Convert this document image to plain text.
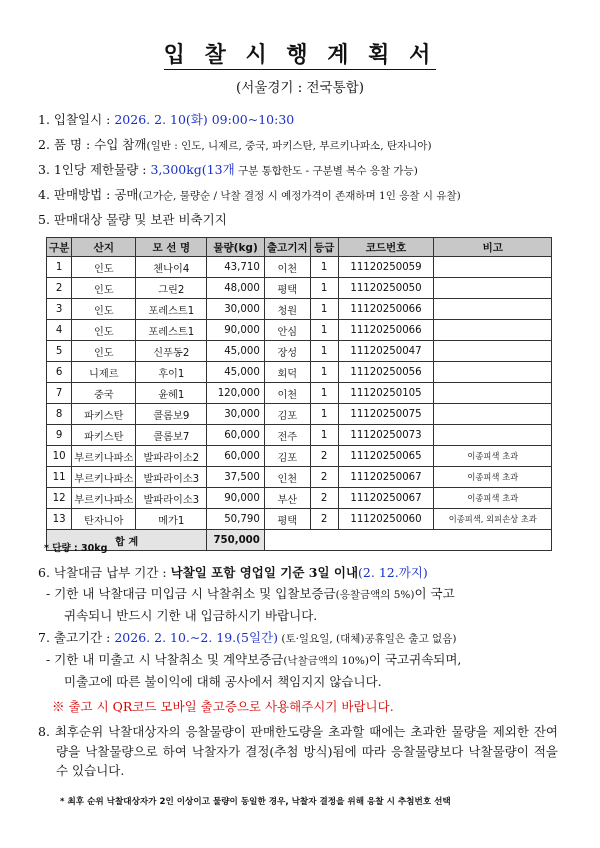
입 찰 시 행 계 획 서
(서울경기 : 전국통합)
1. 입찰일시 : 2026. 2. 10(화) 09:00~10:30
2. 품 명 : 수입 참깨(일반 : 인도, 니제르, 중국, 파키스탄, 부르키나파소, 탄자니아)
3. 1인당 제한물량 : 3,300kg(13개 구분 통합한도 - 구분별 복수 응찰 가능)
4. 판매방법 : 공매(고가순, 물량순 / 낙찰 결정 시 예정가격이 존재하며 1인 응찰 시 유찰)
5. 판매대상 물량 및 보관 비축기지
구분	산지	모 선 명	물량(kg)	출고기지	등급	코드번호	비고
1	인도	첸나이4	43,710	이천	1	11120250059	
2	인도	그린2	48,000	평택	1	11120250050	
3	인도	포레스트1	30,000	청원	1	11120250066	
4	인도	포레스트1	90,000	안심	1	11120250066	
5	인도	신푸동2	45,000	장성	1	11120250047	
6	니제르	후이1	45,000	회덕	1	11120250056	
7	중국	윤헤1	120,000	이천	1	11120250105	
8	파키스탄	콜롬보9	30,000	김포	1	11120250075	
9	파키스탄	콜롬보7	60,000	전주	1	11120250073	
10	부르키나파소	발파라이소2	60,000	김포	2	11120250065	이종피색 초과
11	부르키나파소	발파라이소3	37,500	인천	2	11120250067	이종피색 초과
12	부르키나파소	발파라이소3	90,000	부산	2	11120250067	이종피색 초과
13	탄자니아	메가1	50,790	평택	2	11120250060	이종피색, 외피손상 초과
합 계			750,000				
* 단량 : 30kg
6. 낙찰대금 납부 기간 : 낙찰일 포함 영업일 기준 3일 이내(2. 12.까지)
- 기한 내 낙찰대금 미입금 시 낙찰취소 및 입찰보증금(응찰금액의 5%)이 국고
귀속되니 반드시 기한 내 입금하시기 바랍니다.
7. 출고기간 : 2026. 2. 10.∼2. 19.(5일간) (토·일요일, (대체)공휴일은 출고 없음)
- 기한 내 미출고 시 낙찰취소 및 계약보증금(낙찰금액의 10%)이 국고귀속되며,
미출고에 따른 불이익에 대해 공사에서 책임지지 않습니다.
※ 출고 시 QR코드 모바일 출고증으로 사용해주시기 바랍니다.
8. 최후순위 낙찰대상자의 응찰물량이 판매한도량을 초과할 때에는 초과한 물량을 제외한 잔여량을 낙찰물량으로 하여 낙찰자가 결정(추첨 방식)됨에 따라 응찰물량보다 낙찰물량이 적을 수 있습니다.
* 최후 순위 낙찰대상자가 2인 이상이고 물량이 동일한 경우, 낙찰자 결정을 위해 응찰 시 추첨번호 선택
